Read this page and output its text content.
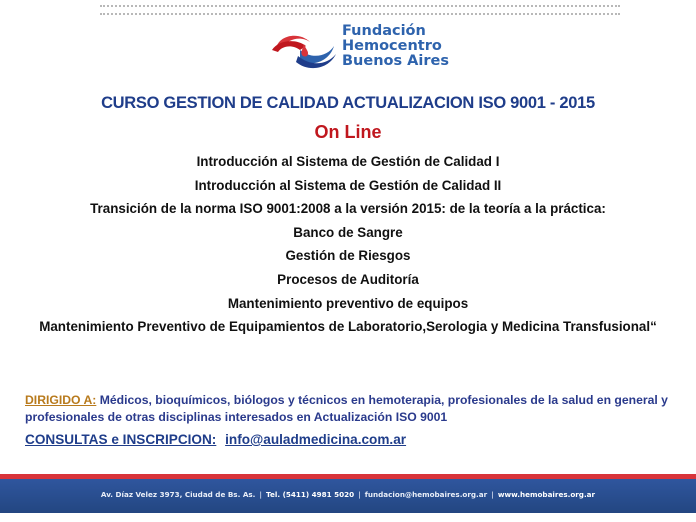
Fundación
Hemocentro
Buenos Aires
CURSO GESTION DE CALIDAD ACTUALIZACION ISO 9001 - 2015
On Line
Introducción al Sistema de Gestión de Calidad I
Introducción al Sistema de Gestión de Calidad II
Transición de la norma ISO 9001:2008 a la versión 2015: de la teoría a la práctica:
Banco de Sangre
Gestión de Riesgos
Procesos de Auditoría
Mantenimiento preventivo de equipos
Mantenimiento Preventivo de Equipamientos de Laboratorio,Serologia y Medicina Transfusional“
DIRIGIDO A: Médicos, bioquímicos, biólogos y técnicos en hemoterapia, profesionales de la salud en general y profesionales de otras disciplinas interesados en Actualización ISO 9001
CONSULTAS e INSCRIPCION: info@auladmedicina.com.ar
Av. Díaz Velez 3973, Ciudad de Bs. As. | Tel. (5411) 4981 5020 | fundacion@hemobaires.org.ar | www.hemobaires.org.ar
